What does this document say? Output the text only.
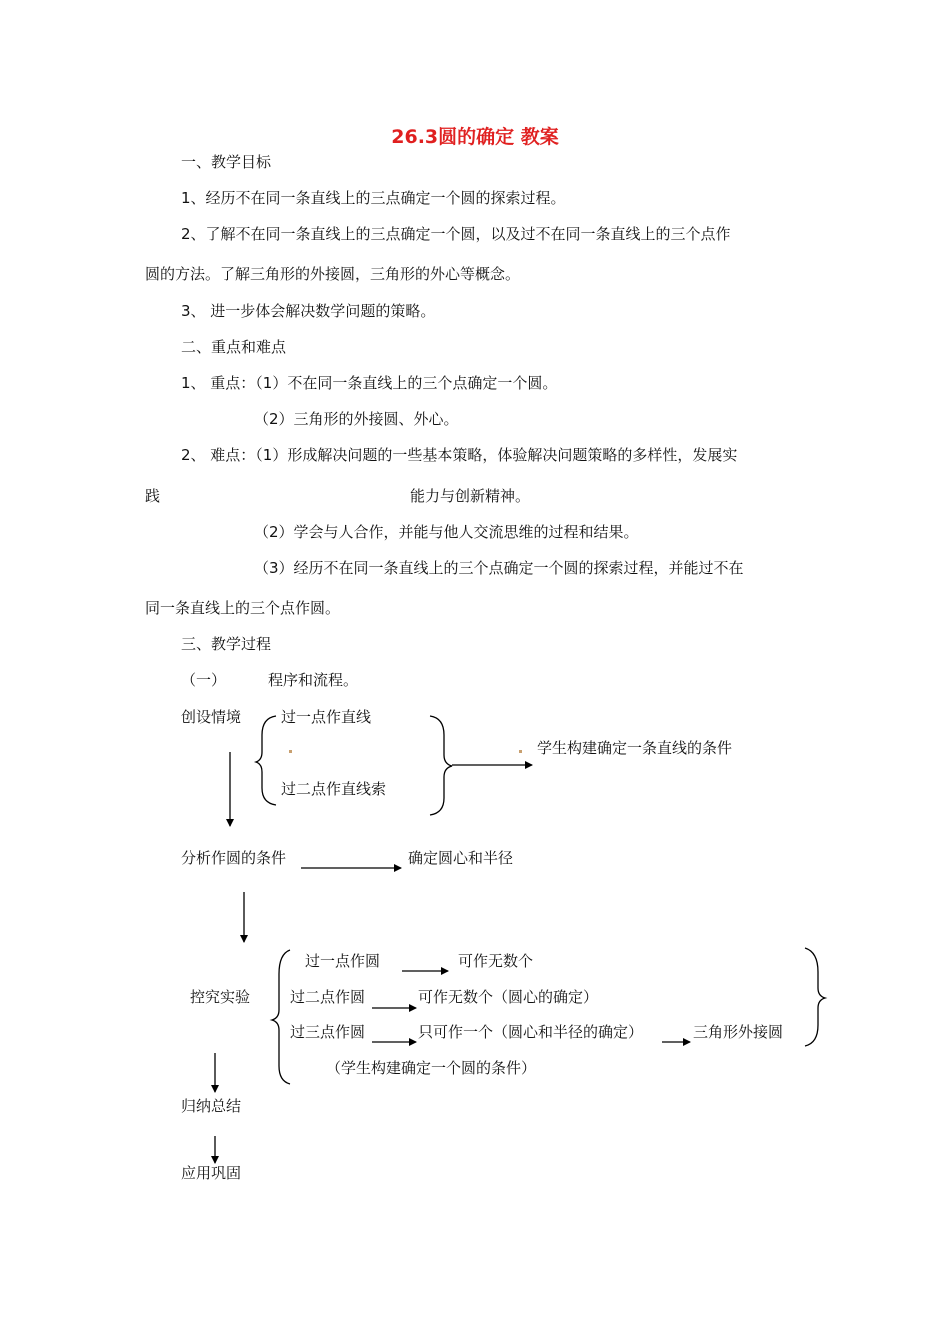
26.3圆的确定 教案
一、教学目标
1、经历不在同一条直线上的三点确定一个圆的探索过程。
2、了解不在同一条直线上的三点确定一个圆，以及过不在同一条直线上的三个点作
圆的方法。了解三角形的外接圆，三角形的外心等概念。
3、 进一步体会解决数学问题的策略。
二、重点和难点
1、 重点：（1）不在同一条直线上的三个点确定一个圆。
（2）三角形的外接圆、外心。
2、 难点：（1）形成解决问题的一些基本策略，体验解决问题策略的多样性，发展实
践	能力与创新精神。
（2）学会与人合作，并能与他人交流思维的过程和结果。
（3）经历不在同一条直线上的三个点确定一个圆的探索过程，并能过不在
同一条直线上的三个点作圆。
三、教学过程
（一）	程序和流程。
创设情境	过一点作直线
过二点作直线索
学生构建确定一条直线的条件
分析作圆的条件	确定圆心和半径
控究实验
过一点作圆	可作无数个
过二点作圆	可作无数个（圆心的确定）
过三点作圆	只可作一个（圆心和半径的确定）	三角形外接圆
（学生构建确定一个圆的条件）
归纳总结
应用巩固
